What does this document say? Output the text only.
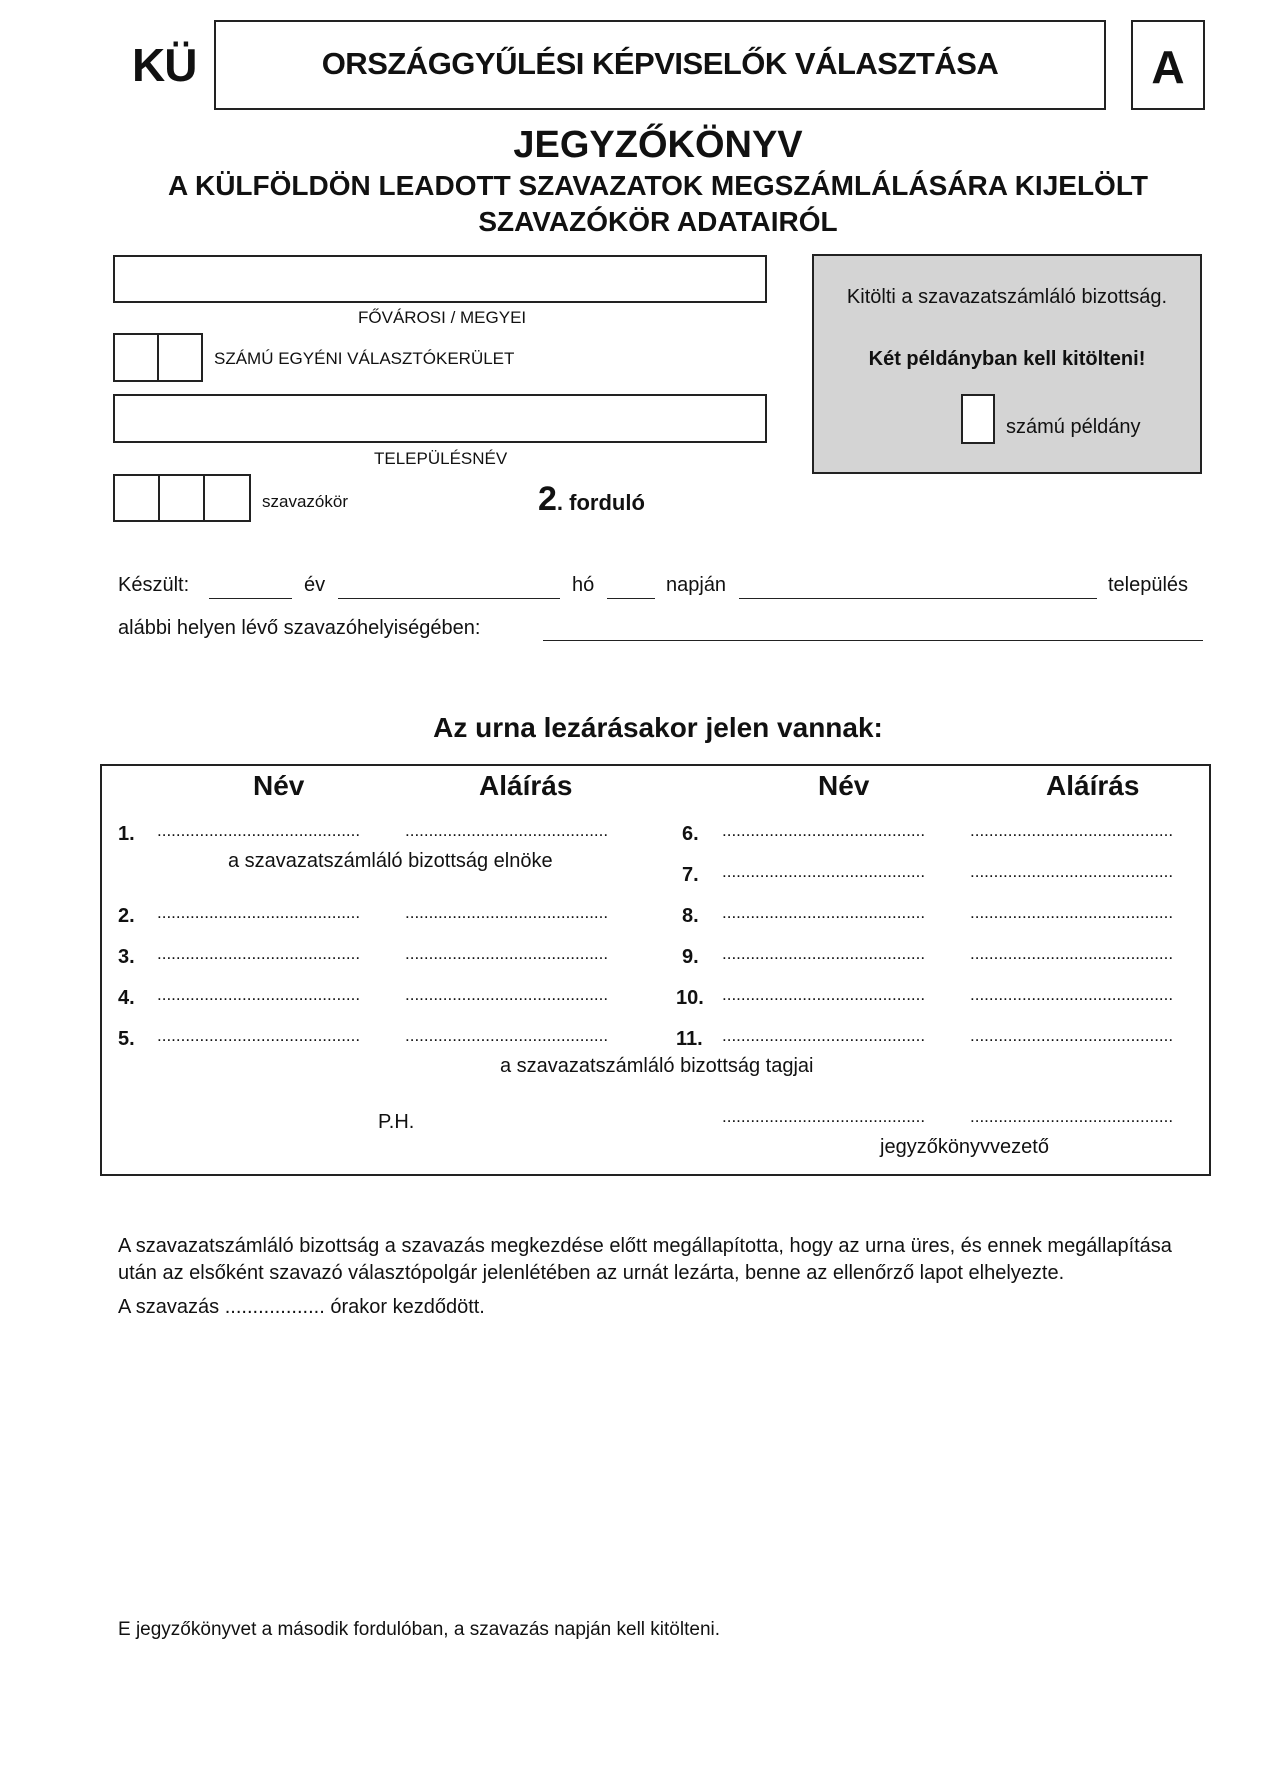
KÜ	ORSZÁGGYŰLÉSI KÉPVISELŐK VÁLASZTÁSA	A
JEGYZŐKÖNYV
A KÜLFÖLDÖN LEADOTT SZAVAZATOK MEGSZÁMLÁLÁSÁRA KIJELÖLT
SZAVAZÓKÖR ADATAIRÓL
FŐVÁROSI / MEGYEI
SZÁMÚ EGYÉNI VÁLASZTÓKERÜLET
TELEPÜLÉSNÉV
szavazókör	2. forduló
Kitölti a szavazatszámláló bizottság.
Két példányban kell kitölteni!
számú példány
Készült:	év	hó	napján	település
alábbi helyen lévő szavazóhelyiségében:
Az urna lezárásakor jelen vannak:
Név	Aláírás	Név	Aláírás
1. ...........................................	...........................................
a szavazatszámláló bizottság elnöke
2. ...........................................	...........................................
3. ...........................................	...........................................
4. ...........................................	...........................................
5. ...........................................	...........................................
6. ...........................................	...........................................
7. ...........................................	...........................................
8. ...........................................	...........................................
9. ...........................................	...........................................
10. ...........................................	...........................................
11. ...........................................	...........................................
a szavazatszámláló bizottság tagjai
P.H.	...........................................	...........................................
jegyzőkönyvvezető
A szavazatszámláló bizottság a szavazás megkezdése előtt megállapította, hogy az urna üres, és ennek megállapítása
után az elsőként szavazó választópolgár jelenlétében az urnát lezárta, benne az ellenőrző lapot elhelyezte.
A szavazás .................. órakor kezdődött.
E jegyzőkönyvet a második fordulóban, a szavazás napján kell kitölteni.
